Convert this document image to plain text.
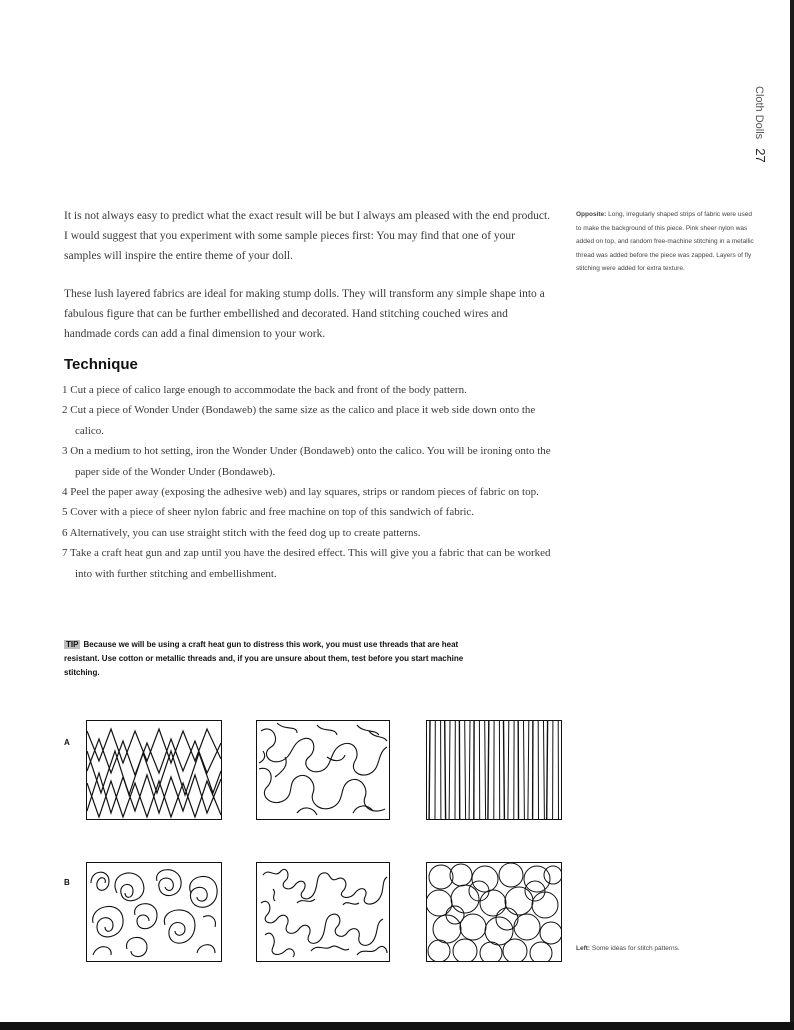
Cloth Dolls 27

It is not always easy to predict what the exact result will be but I always am pleased with the end product. I would suggest that you experiment with some sample pieces first: You may find that one of your samples will inspire the entire theme of your doll.

These lush layered fabrics are ideal for making stump dolls. They will transform any simple shape into a fabulous figure that can be further embellished and decorated. Hand stitching couched wires and handmade cords can add a final dimension to your work.

Opposite: Long, irregularly shaped strips of fabric were used to make the background of this piece. Pink sheer nylon was added on top, and random free-machine stitching in a metallic thread was added before the piece was zapped. Layers of fly stitching were added for extra texture.

Technique
1 Cut a piece of calico large enough to accommodate the back and front of the body pattern.
2 Cut a piece of Wonder Under (Bondaweb) the same size as the calico and place it web side down onto the calico.
3 On a medium to hot setting, iron the Wonder Under (Bondaweb) onto the calico. You will be ironing onto the paper side of the Wonder Under (Bondaweb).
4 Peel the paper away (exposing the adhesive web) and lay squares, strips or random pieces of fabric on top.
5 Cover with a piece of sheer nylon fabric and free machine on top of this sandwich of fabric.
6 Alternatively, you can use straight stitch with the feed dog up to create patterns.
7 Take a craft heat gun and zap until you have the desired effect. This will give you a fabric that can be worked into with further stitching and embellishment.

TIP Because we will be using a craft heat gun to distress this work, you must use threads that are heat resistant. Use cotton or metallic threads and, if you are unsure about them, test before you start machine stitching.

A
B

Left: Some ideas for stitch patterns.
